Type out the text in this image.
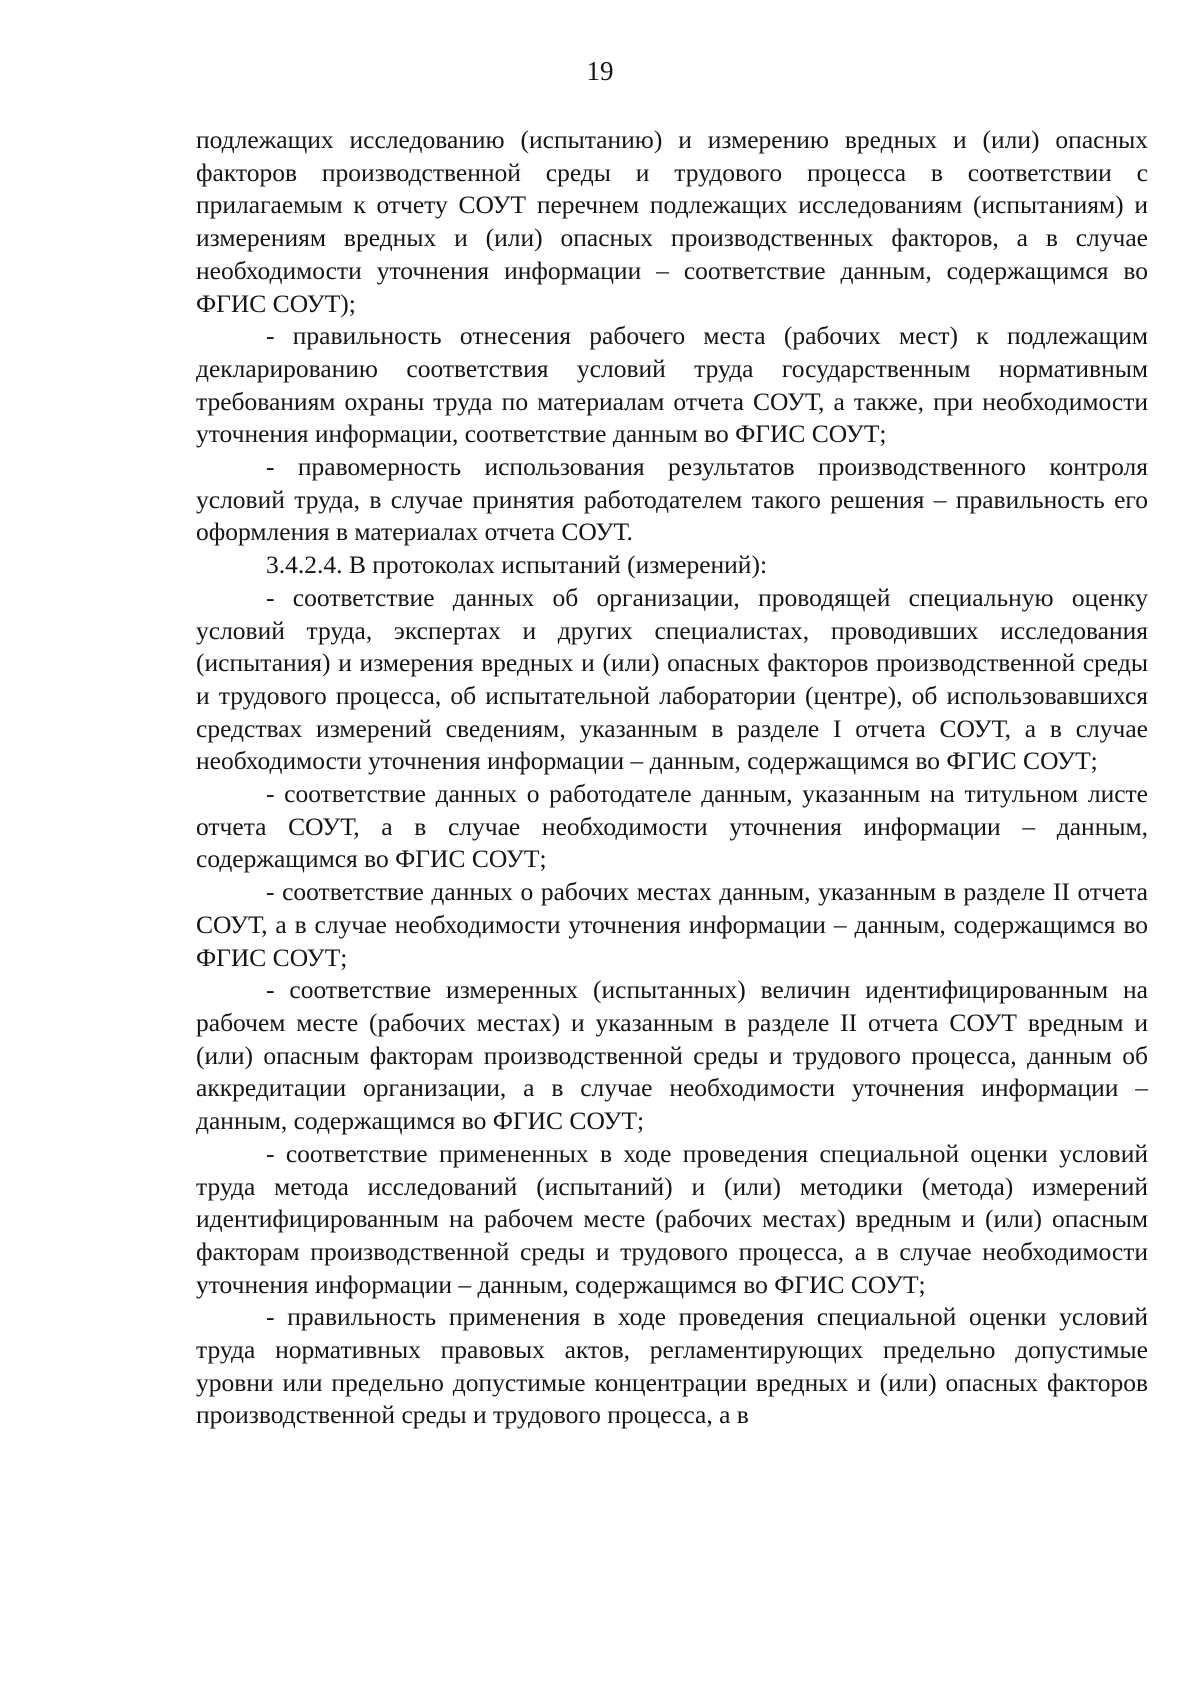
19

подлежащих исследованию (испытанию) и измерению вредных и (или) опасных факторов производственной среды и трудового процесса в соответствии с прилагаемым к отчету СОУТ перечнем подлежащих исследованиям (испытаниям) и измерениям вредных и (или) опасных производственных факторов, а в случае необходимости уточнения информации – соответствие данным, содержащимся во ФГИС СОУТ);

- правильность отнесения рабочего места (рабочих мест) к подлежащим декларированию соответствия условий труда государственным нормативным требованиям охраны труда по материалам отчета СОУТ, а также, при необходимости уточнения информации, соответствие данным во ФГИС СОУТ;

- правомерность использования результатов производственного контроля условий труда, в случае принятия работодателем такого решения – правильность его оформления в материалах отчета СОУТ.

3.4.2.4. В протоколах испытаний (измерений):

- соответствие данных об организации, проводящей специальную оценку условий труда, экспертах и других специалистах, проводивших исследования (испытания) и измерения вредных и (или) опасных факторов производственной среды и трудового процесса, об испытательной лаборатории (центре), об использовавшихся средствах измерений сведениям, указанным в разделе I отчета СОУТ, а в случае необходимости уточнения информации – данным, содержащимся во ФГИС СОУТ;

- соответствие данных о работодателе данным, указанным на титульном листе отчета СОУТ, а в случае необходимости уточнения информации – данным, содержащимся во ФГИС СОУТ;

- соответствие данных о рабочих местах данным, указанным в разделе II отчета СОУТ, а в случае необходимости уточнения информации – данным, содержащимся во ФГИС СОУТ;

- соответствие измеренных (испытанных) величин идентифицированным на рабочем месте (рабочих местах) и указанным в разделе II отчета СОУТ вредным и (или) опасным факторам производственной среды и трудового процесса, данным об аккредитации организации, а в случае необходимости уточнения информации – данным, содержащимся во ФГИС СОУТ;

- соответствие примененных в ходе проведения специальной оценки условий труда метода исследований (испытаний) и (или) методики (метода) измерений идентифицированным на рабочем месте (рабочих местах) вредным и (или) опасным факторам производственной среды и трудового процесса, а в случае необходимости уточнения информации – данным, содержащимся во ФГИС СОУТ;

- правильность применения в ходе проведения специальной оценки условий труда нормативных правовых актов, регламентирующих предельно допустимые уровни или предельно допустимые концентрации вредных и (или) опасных факторов производственной среды и трудового процесса, а в
